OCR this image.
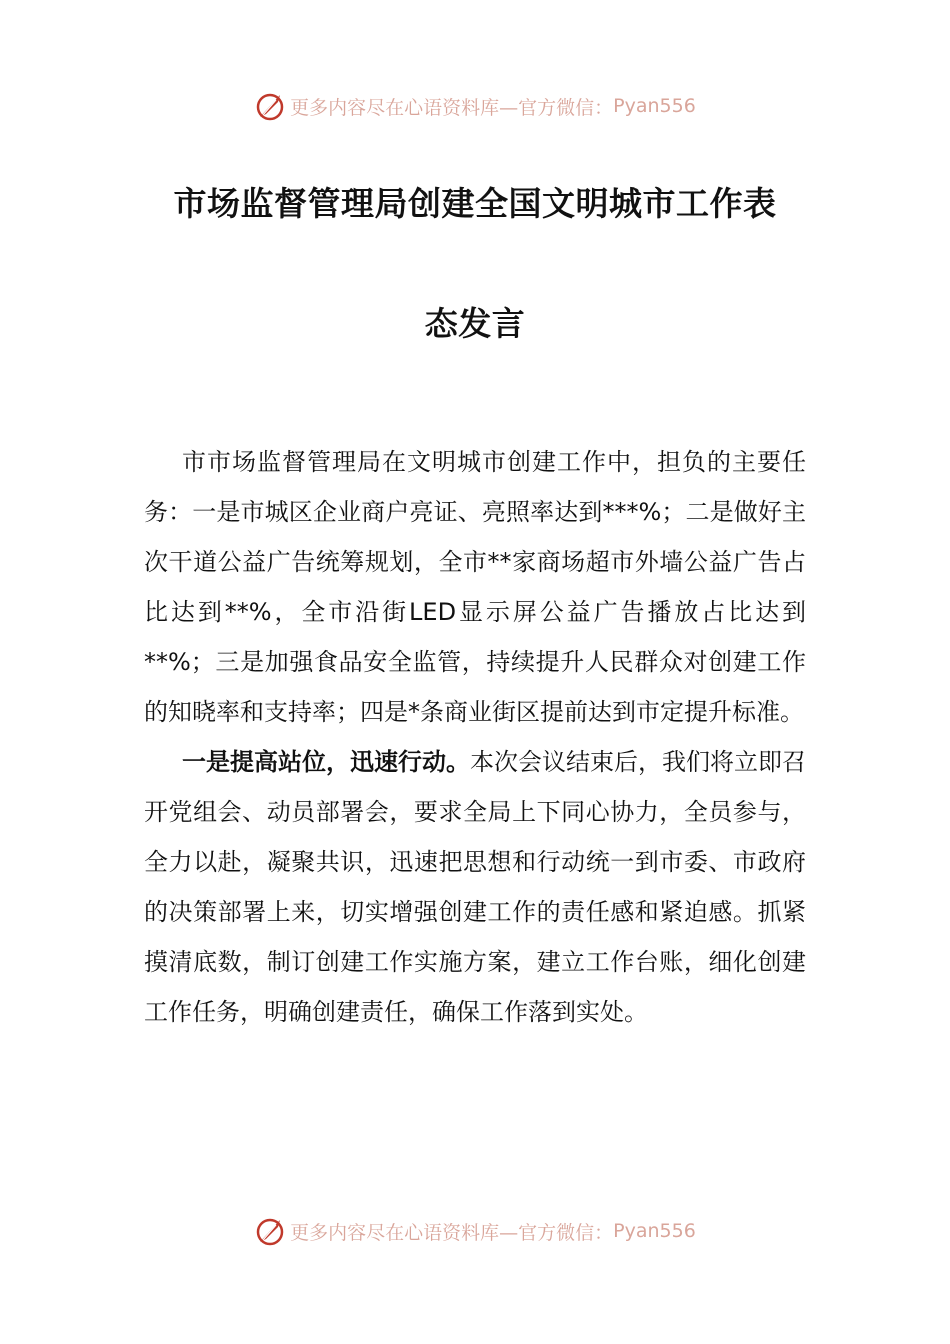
更多内容尽在心语资料库—官方微信： Pyan556
市场监督管理局创建全国文明城市工作表
态发言

市市场监督管理局在文明城市创建工作中，担负的主要任务：一是市城区企业商户亮证、亮照率达到***%；二是做好主次干道公益广告统筹规划，全市**家商场超市外墙公益广告占比达到**%，全市沿街LED显示屏公益广告播放占比达到**%；三是加强食品安全监管，持续提升人民群众对创建工作的知晓率和支持率；四是*条商业街区提前达到市定提升标准。

一是提高站位，迅速行动。本次会议结束后，我们将立即召开党组会、动员部署会，要求全局上下同心协力，全员参与，全力以赴，凝聚共识，迅速把思想和行动统一到市委、市政府的决策部署上来，切实增强创建工作的责任感和紧迫感。抓紧摸清底数，制订创建工作实施方案，建立工作台账，细化创建工作任务，明确创建责任，确保工作落到实处。

更多内容尽在心语资料库—官方微信： Pyan556
